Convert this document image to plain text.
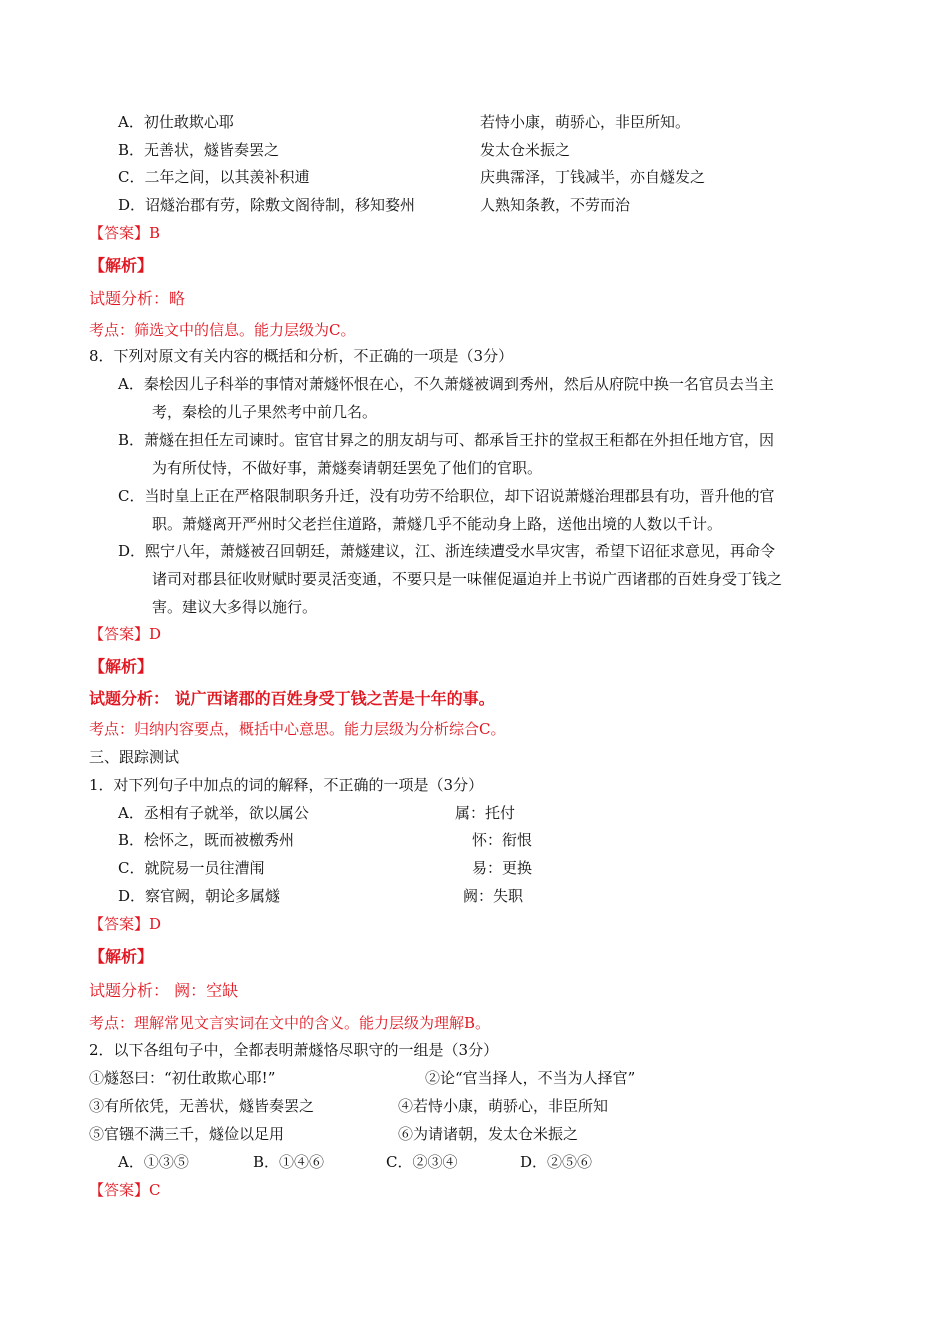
A．初仕敢欺心耶	若恃小康，萌骄心，非臣所知。
B．无善状，燧皆奏罢之	发太仓米振之
C．二年之间，以其羡补积逋	庆典霈泽，丁钱减半，亦自燧发之
D．诏燧治郡有劳，除敷文阁待制，移知婺州	人熟知条教，不劳而治
【答案】B
【解析】
试题分析：略
考点：筛选文中的信息。能力层级为C。
8．下列对原文有关内容的概括和分析，不正确的一项是（3分）
A．秦桧因儿子科举的事情对萧燧怀恨在心，不久萧燧被调到秀州，然后从府院中换一名官员去当主
考，秦桧的儿子果然考中前几名。
B．萧燧在担任左司谏时。宦官甘昪之的朋友胡与可、都承旨王抃的堂叔王秬都在外担任地方官，因
为有所仗恃，不做好事，萧燧奏请朝廷罢免了他们的官职。
C．当时皇上正在严格限制职务升迁，没有功劳不给职位，却下诏说萧燧治理郡县有功，晋升他的官
职。萧燧离开严州时父老拦住道路，萧燧几乎不能动身上路，送他出境的人数以千计。
D．熙宁八年，萧燧被召回朝廷，萧燧建议，江、浙连续遭受水旱灾害，希望下诏征求意见，再命令
诸司对郡县征收财赋时要灵活变通，不要只是一味催促逼迫并上书说广西诸郡的百姓身受丁钱之
害。建议大多得以施行。
【答案】D
【解析】
试题分析： 说广西诸郡的百姓身受丁钱之苦是十年的事。
考点：归纳内容要点，概括中心意思。能力层级为分析综合C。
三、跟踪测试
1．对下列句子中加点的词的解释，不正确的一项是（3分）
A．丞相有子就举，欲以属公	属：托付
B．桧怀之，既而被檄秀州	怀：衔恨
C．就院易一员往漕闱	易：更换
D．察官阙，朝论多属燧	阙：失职
【答案】D
【解析】
试题分析： 阙：空缺
考点：理解常见文言实词在文中的含义。能力层级为理解B。
2．以下各组句子中，全都表明萧燧恪尽职守的一组是（3分）
①燧怒曰：“初仕敢欺心耶!”	②论“官当择人，不当为人择官”
③有所依凭，无善状，燧皆奏罢之	④若恃小康，萌骄心，非臣所知
⑤官镪不满三千，燧俭以足用	⑥为请诸朝，发太仓米振之
A．①③⑤	B．①④⑥	C．②③④	D．②⑤⑥
【答案】C
